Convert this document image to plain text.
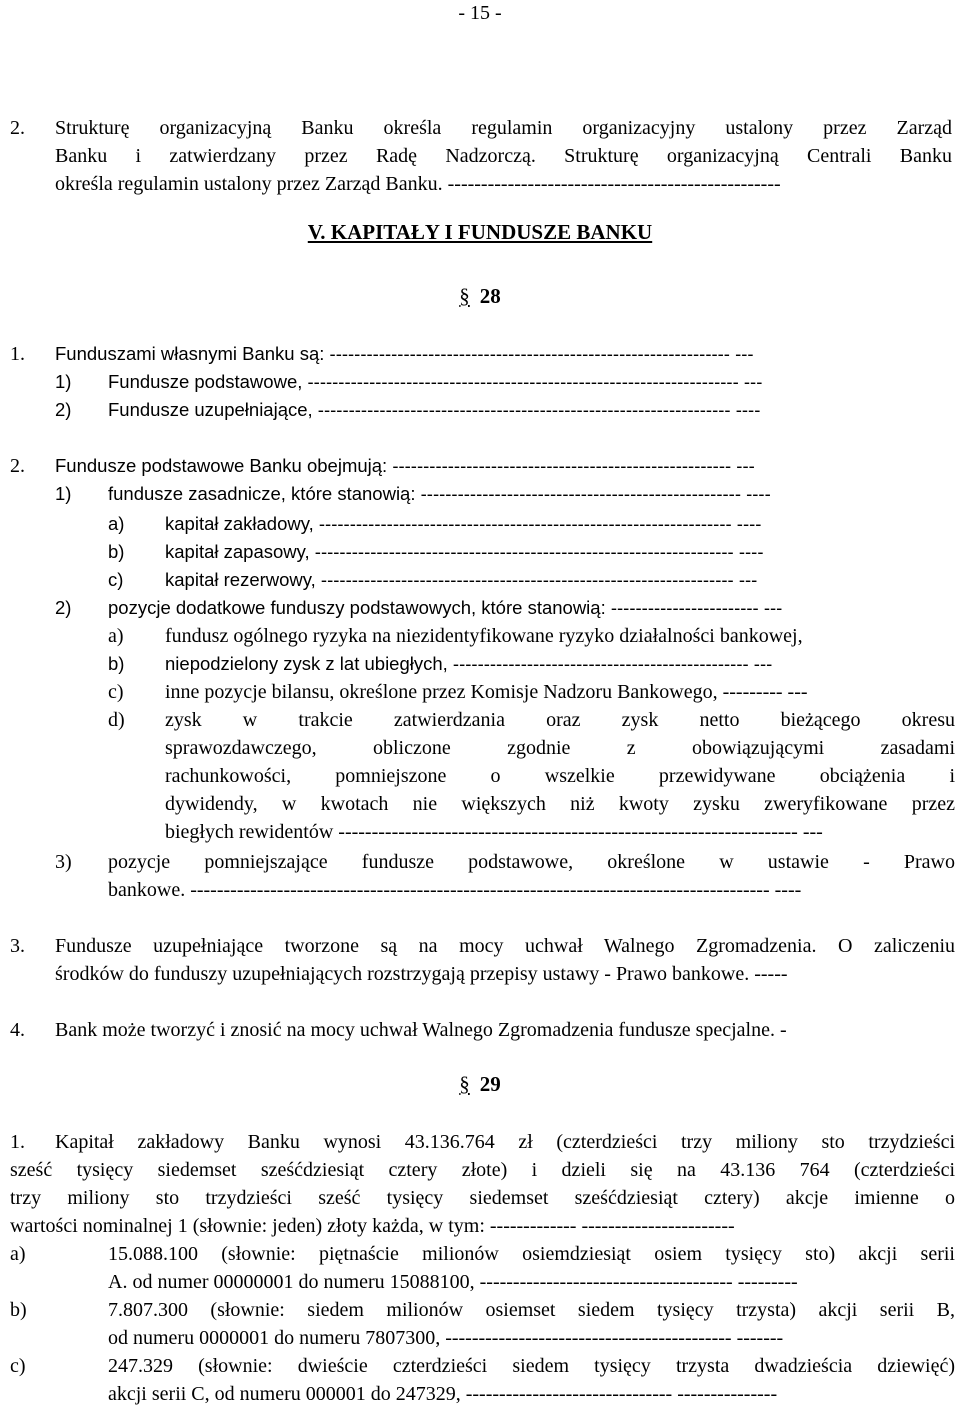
- 15 -
2. Strukturę organizacyjną Banku określa regulamin organizacyjny ustalony przez Zarząd
Banku i zatwierdzany przez Radę Nadzorczą. Strukturę organizacyjną Centrali Banku
określa regulamin ustalony przez Zarząd Banku. --------------------------------------------------
V. KAPITAŁY I FUNDUSZE BANKU
§ 28
1. Funduszami własnymi Banku są: ----------------------------------------------------------------- ---
1) Fundusze podstawowe, ---------------------------------------------------------------------- ---
2) Fundusze uzupełniające, ------------------------------------------------------------------- ----
2. Fundusze podstawowe Banku obejmują: ------------------------------------------------------- ---
1) fundusze zasadnicze, które stanowią: ---------------------------------------------------- ----
a) kapitał zakładowy, ------------------------------------------------------------------- ----
b) kapitał zapasowy, -------------------------------------------------------------------- ----
c) kapitał rezerwowy, ------------------------------------------------------------------- ---
2) pozycje dodatkowe funduszy podstawowych, które stanowią: ------------------------ ---
a) fundusz ogólnego ryzyka na niezidentyfikowane ryzyko działalności bankowej,
b) niepodzielony zysk z lat ubiegłych, ------------------------------------------------ ---
c) inne pozycje bilansu, określone przez Komisje Nadzoru Bankowego, --------- ---
d) zysk w trakcie zatwierdzania oraz zysk netto bieżącego okresu
sprawozdawczego, obliczone zgodnie z obowiązującymi zasadami
rachunkowości, pomniejszone o wszelkie przewidywane obciążenia i
dywidendy, w kwotach nie większych niż kwoty zysku zweryfikowane przez
biegłych rewidentów --------------------------------------------------------------------- ---
3) pozycje pomniejszające fundusze podstawowe, określone w ustawie - Prawo
bankowe. --------------------------------------------------------------------------------------- ----
3. Fundusze uzupełniające tworzone są na mocy uchwał Walnego Zgromadzenia. O zaliczeniu
środków do funduszy uzupełniających rozstrzygają przepisy ustawy - Prawo bankowe. -----
4. Bank może tworzyć i znosić na mocy uchwał Walnego Zgromadzenia fundusze specjalne. -
§ 29
1. Kapitał zakładowy Banku wynosi 43.136.764 zł (czterdzieści trzy miliony sto trzydzieści
sześć tysięcy siedemset sześćdziesiąt cztery złote) i dzieli się na 43.136 764 (czterdzieści
trzy miliony sto trzydzieści sześć tysięcy siedemset sześćdziesiąt cztery) akcje imienne o
wartości nominalnej 1 (słownie: jeden) złoty każda, w tym: ------------- -----------------------
a)	15.088.100 (słownie: piętnaście milionów osiemdziesiąt osiem tysięcy sto) akcji serii
A. od numer 00000001 do numeru 15088100, -------------------------------------- ---------
b)	7.807.300 (słownie: siedem milionów osiemset siedem tysięcy trzysta) akcji serii B,
od numeru 0000001 do numeru 7807300, ------------------------------------------- -------
c)	247.329 (słownie: dwieście czterdzieści siedem tysięcy trzysta dwadzieścia dziewięć)
akcji serii C, od numeru 000001 do 247329, ------------------------------- ---------------
